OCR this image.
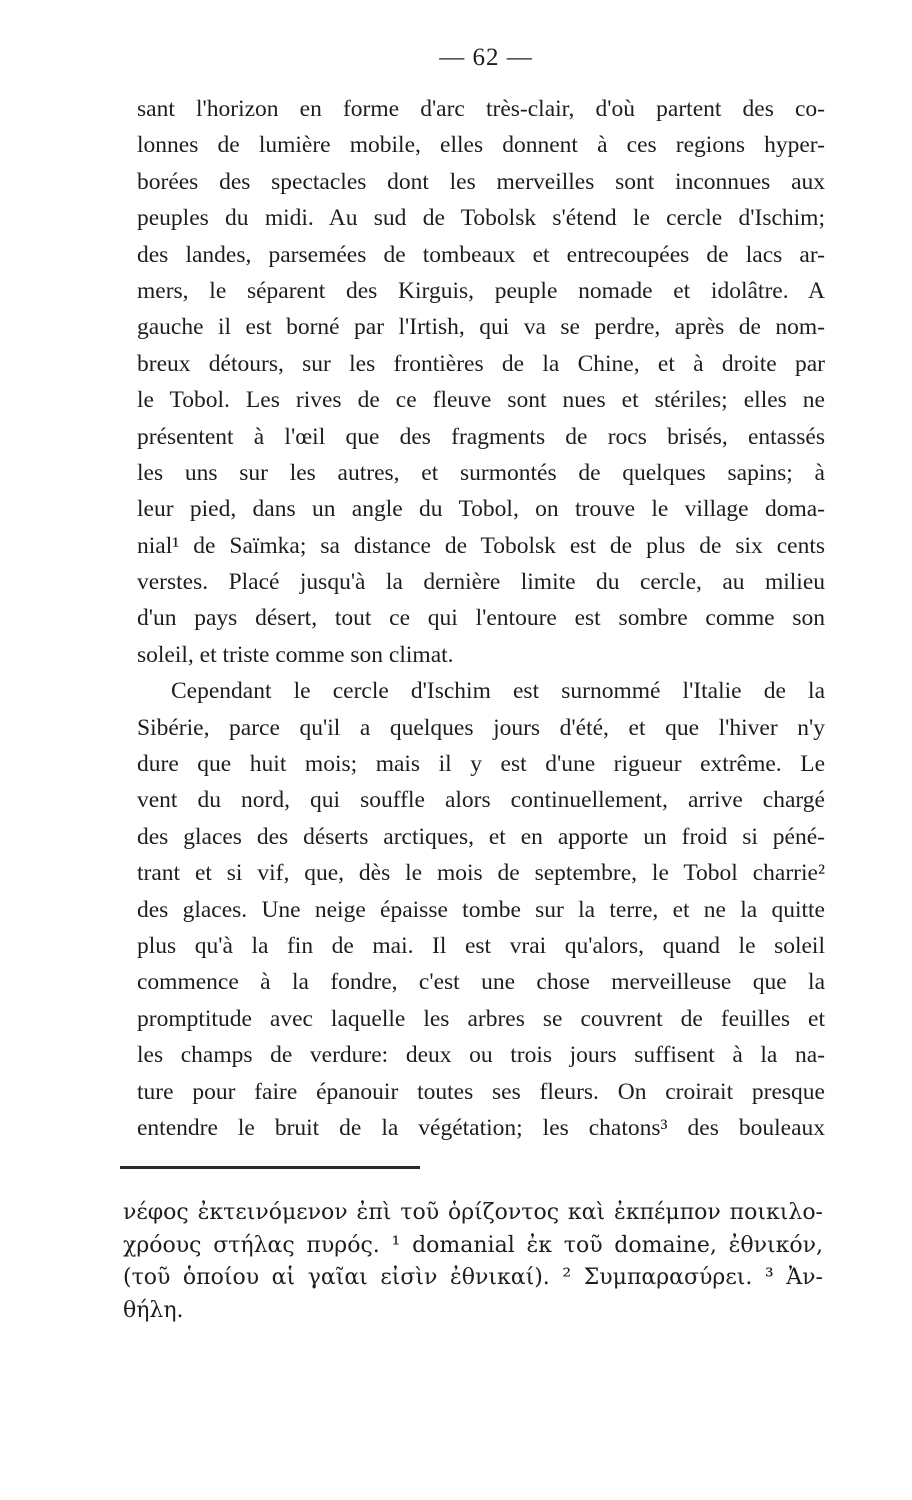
— 62 —
sant l'horizon en forme d'arc très-clair, d'où partent des co-
lonnes de lumière mobile, elles donnent à ces regions hyper-
borées des spectacles dont les merveilles sont inconnues aux
peuples du midi. Au sud de Tobolsk s'étend le cercle d'Ischim;
des landes, parsemées de tombeaux et entrecoupées de lacs ar-
mers, le séparent des Kirguis, peuple nomade et idolâtre. A
gauche il est borné par l'Irtish, qui va se perdre, après de nom-
breux détours, sur les frontières de la Chine, et à droite par
le Tobol. Les rives de ce fleuve sont nues et stériles; elles ne
présentent à l'œil que des fragments de rocs brisés, entassés
les uns sur les autres, et surmontés de quelques sapins; à
leur pied, dans un angle du Tobol, on trouve le village doma-
nial¹ de Saïmka; sa distance de Tobolsk est de plus de six cents
verstes. Placé jusqu'à la dernière limite du cercle, au milieu
d'un pays désert, tout ce qui l'entoure est sombre comme son
soleil, et triste comme son climat.
Cependant le cercle d'Ischim est surnommé l'Italie de la
Sibérie, parce qu'il a quelques jours d'été, et que l'hiver n'y
dure que huit mois; mais il y est d'une rigueur extrême. Le
vent du nord, qui souffle alors continuellement, arrive chargé
des glaces des déserts arctiques, et en apporte un froid si péné-
trant et si vif, que, dès le mois de septembre, le Tobol charrie²
des glaces. Une neige épaisse tombe sur la terre, et ne la quitte
plus qu'à la fin de mai. Il est vrai qu'alors, quand le soleil
commence à la fondre, c'est une chose merveilleuse que la
promptitude avec laquelle les arbres se couvrent de feuilles et
les champs de verdure: deux ou trois jours suffisent à la na-
ture pour faire épanouir toutes ses fleurs. On croirait presque
entendre le bruit de la végétation; les chatons³ des bouleaux
νέφος ἐκτεινόμενον ἐπὶ τοῦ ὁρίζοντος καὶ ἐκπέμπον ποικιλο-
χρόους στήλας πυρός. ¹ domanial ἐκ τοῦ domaine, ἐθνικόν,
(τοῦ ὁποίου αἱ γαῖαι εἰσὶν ἐθνικαί). ² Συμπαρασύρει. ³ Ἀν-
θήλη.
